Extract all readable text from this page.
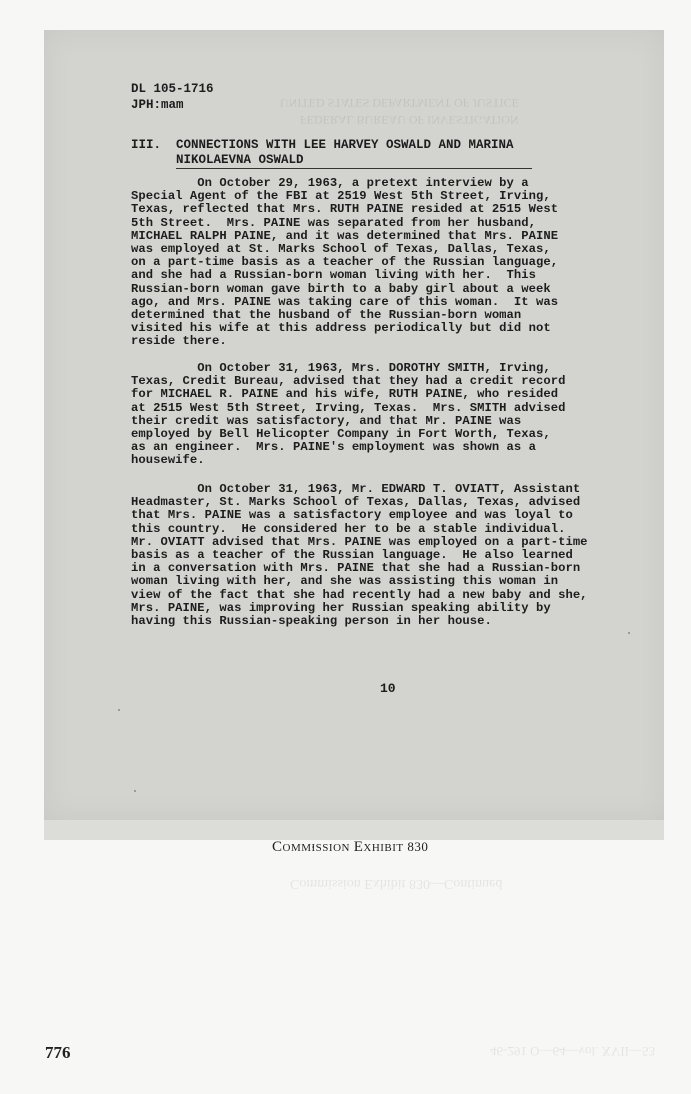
UNITED STATES DEPARTMENT OF JUSTICE
FEDERAL BUREAU OF INVESTIGATION
Commission Exhibit 830—Continued
46-291 O—64—vol. XVII—53
DL 105-1716
JPH:mam
III. CONNECTIONS WITH LEE HARVEY OSWALD AND MARINA
NIKOLAEVNA OSWALD
On October 29, 1963, a pretext interview by a
Special Agent of the FBI at 2519 West 5th Street, Irving,
Texas, reflected that Mrs. RUTH PAINE resided at 2515 West
5th Street.  Mrs. PAINE was separated from her husband,
MICHAEL RALPH PAINE, and it was determined that Mrs. PAINE
was employed at St. Marks School of Texas, Dallas, Texas,
on a part-time basis as a teacher of the Russian language,
and she had a Russian-born woman living with her.  This
Russian-born woman gave birth to a baby girl about a week
ago, and Mrs. PAINE was taking care of this woman.  It was
determined that the husband of the Russian-born woman
visited his wife at this address periodically but did not
reside there.
On October 31, 1963, Mrs. DOROTHY SMITH, Irving,
Texas, Credit Bureau, advised that they had a credit record
for MICHAEL R. PAINE and his wife, RUTH PAINE, who resided
at 2515 West 5th Street, Irving, Texas.  Mrs. SMITH advised
their credit was satisfactory, and that Mr. PAINE was
employed by Bell Helicopter Company in Fort Worth, Texas,
as an engineer.  Mrs. PAINE's employment was shown as a
housewife.
On October 31, 1963, Mr. EDWARD T. OVIATT, Assistant
Headmaster, St. Marks School of Texas, Dallas, Texas, advised
that Mrs. PAINE was a satisfactory employee and was loyal to
this country.  He considered her to be a stable individual.
Mr. OVIATT advised that Mrs. PAINE was employed on a part-time
basis as a teacher of the Russian language.  He also learned
in a conversation with Mrs. PAINE that she had a Russian-born
woman living with her, and she was assisting this woman in
view of the fact that she had recently had a new baby and she,
Mrs. PAINE, was improving her Russian speaking ability by
having this Russian-speaking person in her house.
10
Commission Exhibit 830
776
